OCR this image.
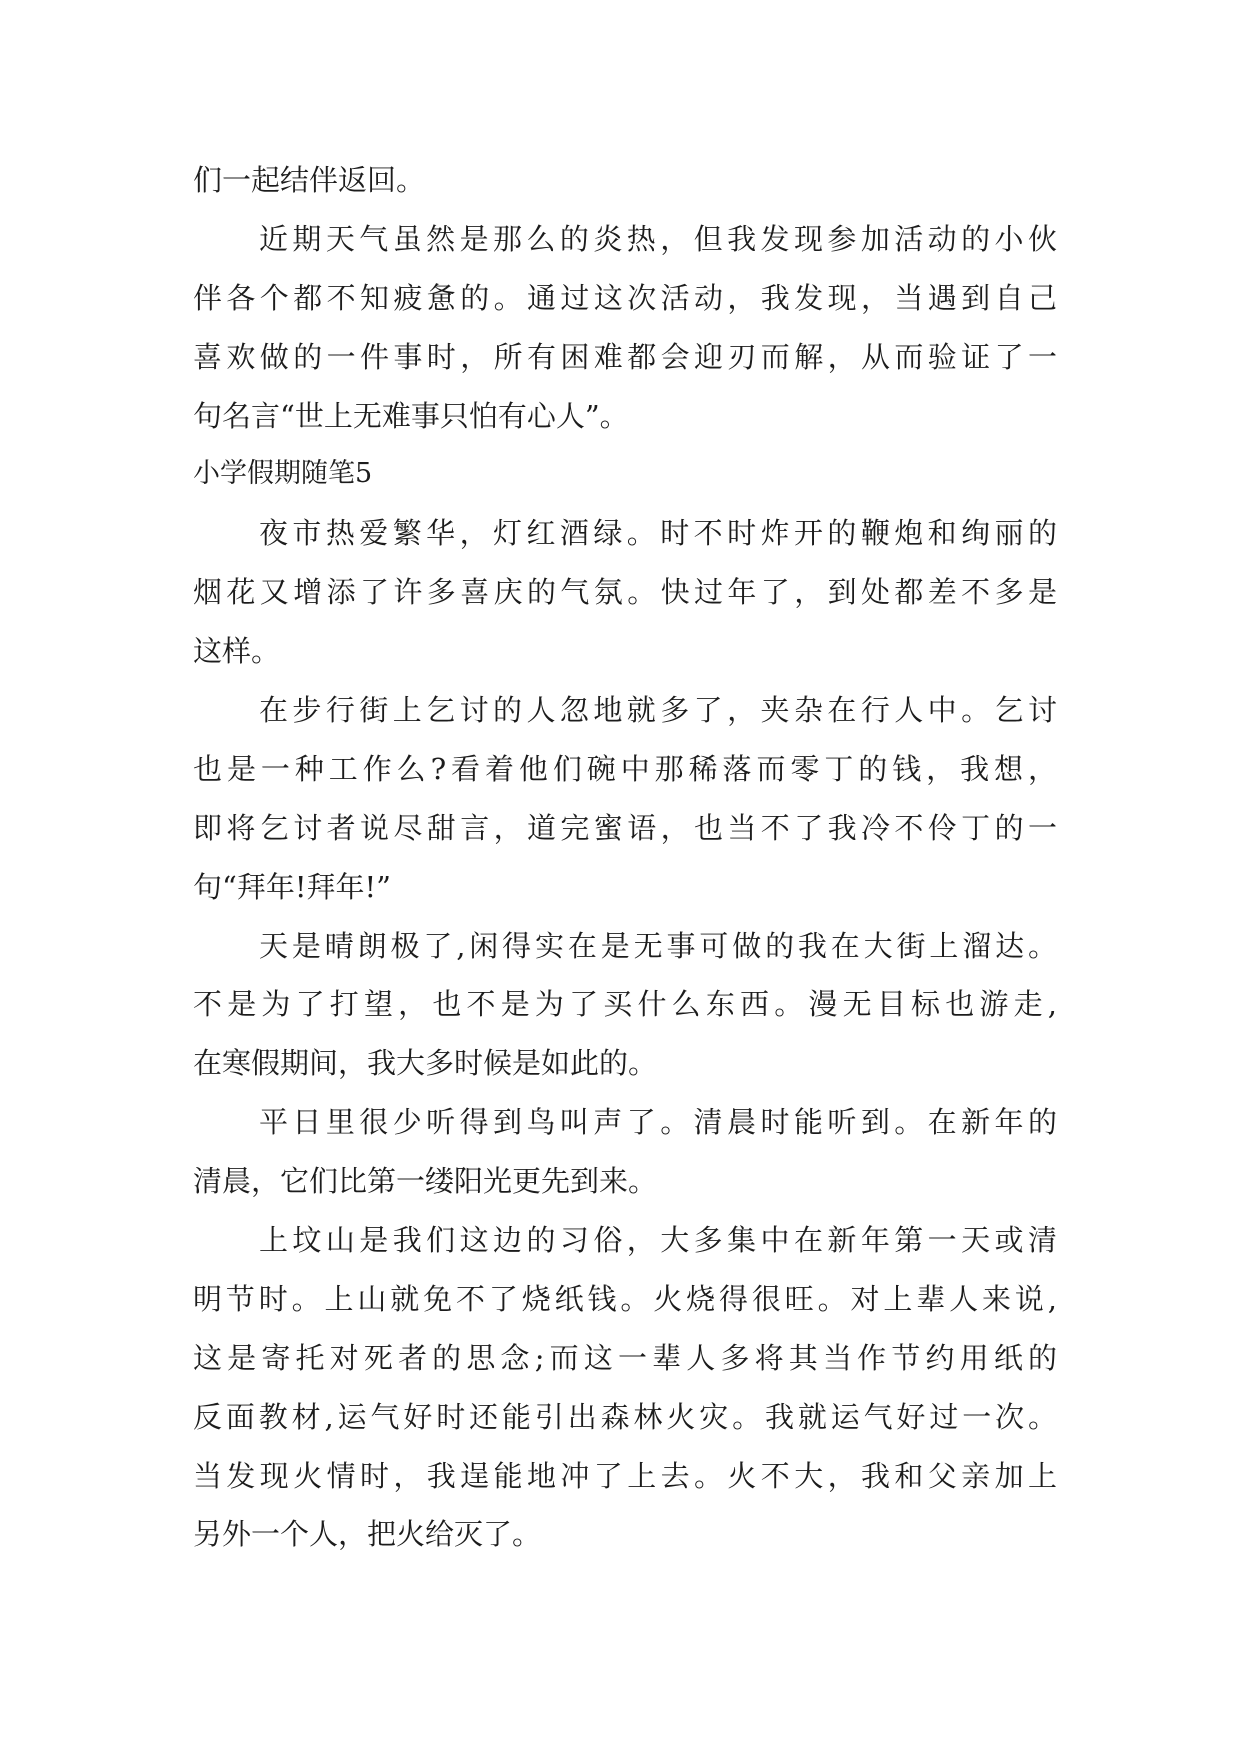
们一起结伴返回。
近期天气虽然是那么的炎热，但我发现参加活动的小伙
伴各个都不知疲惫的。通过这次活动，我发现，当遇到自己
喜欢做的一件事时，所有困难都会迎刃而解，从而验证了一
句名言“世上无难事只怕有心人”。
小学假期随笔5
夜市热爱繁华，灯红酒绿。时不时炸开的鞭炮和绚丽的
烟花又增添了许多喜庆的气氛。快过年了，到处都差不多是
这样。
在步行街上乞讨的人忽地就多了，夹杂在行人中。乞讨
也是一种工作么?看着他们碗中那稀落而零丁的钱，我想，
即将乞讨者说尽甜言，道完蜜语，也当不了我冷不伶丁的一
句“拜年!拜年!”
天是晴朗极了,闲得实在是无事可做的我在大街上溜达。
不是为了打望，也不是为了买什么东西。漫无目标也游走,
在寒假期间，我大多时候是如此的。
平日里很少听得到鸟叫声了。清晨时能听到。在新年的
清晨，它们比第一缕阳光更先到来。
上坟山是我们这边的习俗，大多集中在新年第一天或清
明节时。上山就免不了烧纸钱。火烧得很旺。对上辈人来说,
这是寄托对死者的思念;而这一辈人多将其当作节约用纸的
反面教材,运气好时还能引出森林火灾。我就运气好过一次。
当发现火情时，我逞能地冲了上去。火不大，我和父亲加上
另外一个人，把火给灭了。
